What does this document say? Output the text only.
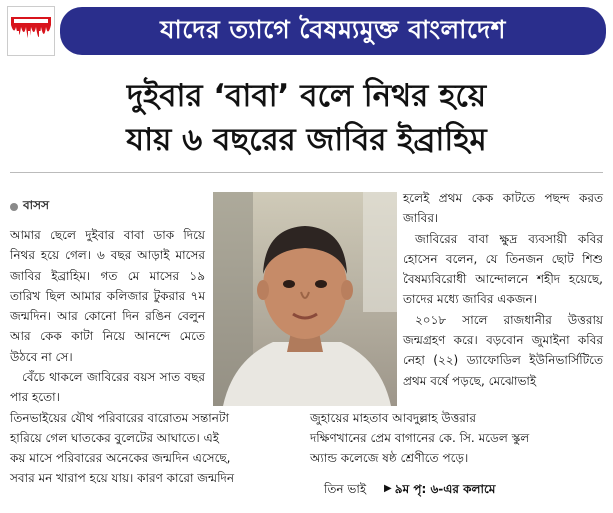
যাদের ত্যাগে বৈষম্যমুক্ত বাংলাদেশ
দুইবার ‘বাবা’ বলে নিথর হয়ে
যায় ৬ বছরের জাবির ইব্রাহিম
বাসস

আমার ছেলে দুইবার বাবা ডাক দিয়ে নিথর হয়ে গেল। ৬ বছর আড়াই মাসের জাবির ইব্রাহিম। গত মে মাসের ১৯ তারিখ ছিল আমার কলিজার টুকরার ৭ম জন্মদিন। আর কোনো দিন রঙিন বেলুন আর কেক কাটা নিয়ে আনন্দে মেতে উঠবে না সে।

বেঁচে থাকলে জাবিরের বয়স সাত বছর পার হতো।

হলেই প্রথম কেক কাটতে পছন্দ করত জাবির।

জাবিরের বাবা ক্ষুদ্র ব্যবসায়ী কবির হোসেন বলেন, যে তিনজন ছোট শিশু বৈষম্যবিরোধী আন্দোলনে শহীদ হয়েছে, তাদের মধ্যে জাবির একজন।

২০১৮ সালে রাজধানীর উত্তরায় জন্মগ্রহণ করে। বড়বোন জুমাইনা কবির নেহা (২২) ড্যাফোডিল ইউনিভার্সিটিতে প্রথম বর্ষে পড়ছে, মেঝোভাই

তিনভাইয়ের যৌথ পরিবারের বারোতম সন্তানটা
হারিয়ে গেল ঘাতকের বুলেটের আঘাতে। এই
কয় মাসে পরিবারের অনেকের জন্মদিন এসেছে,
সবার মন খারাপ হয়ে যায়। কারণ কারো জন্মদিন
জুহায়ের মাহতাব আবদুল্লাহ উত্তরার
দক্ষিণখানের প্রেম বাগানের কে. সি. মডেল স্কুল
অ্যান্ড কলেজে ষষ্ঠ শ্রেণীতে পড়ে।
তিন ভাই ▶ ৯ম পৃ: ৬-এর কলামে
